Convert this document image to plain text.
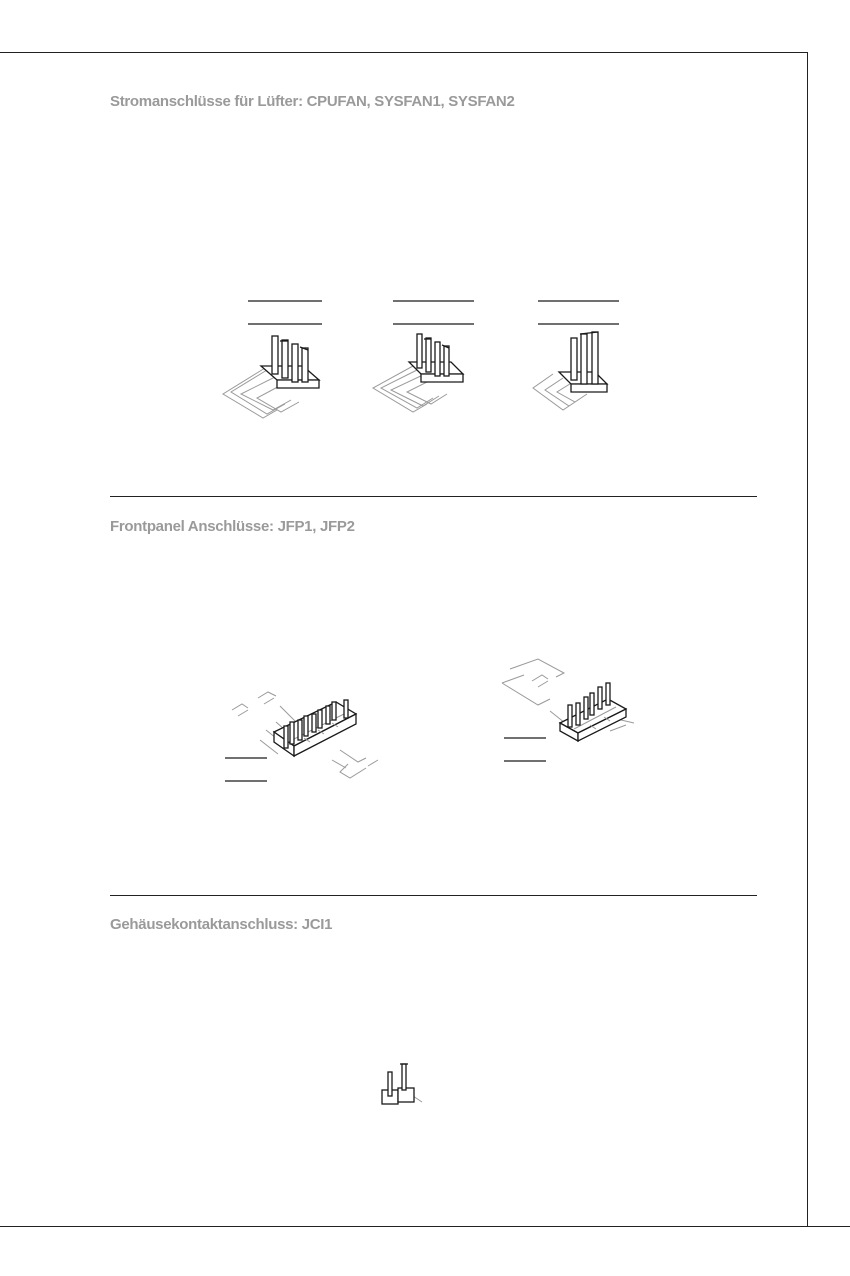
Stromanschlüsse für Lüfter: CPUFAN, SYSFAN1, SYSFAN2
Frontpanel Anschlüsse: JFP1, JFP2
Gehäusekontaktanschluss: JCI1
